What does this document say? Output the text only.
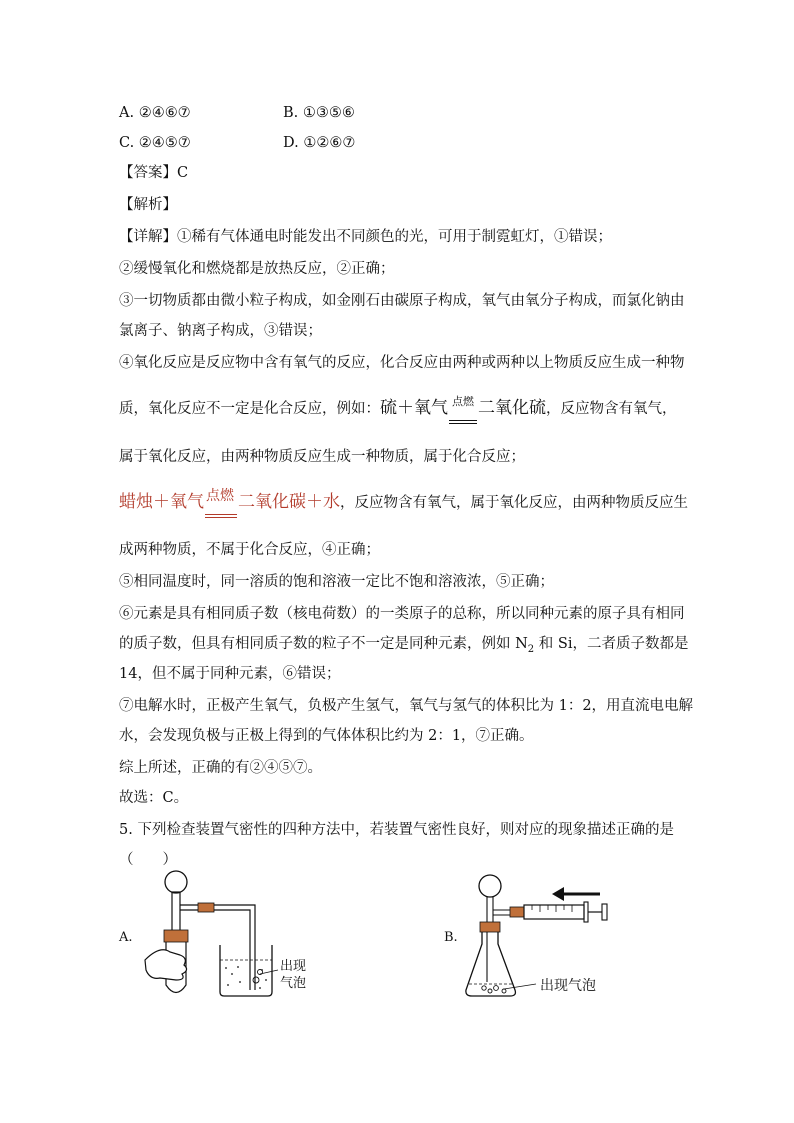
A. ②④⑥⑦	B. ①③⑤⑥
C. ②④⑤⑦	D. ①②⑥⑦
【答案】C
【解析】
【详解】①稀有气体通电时能发出不同颜色的光，可用于制霓虹灯，①错误；
②缓慢氧化和燃烧都是放热反应，②正确；
③一切物质都由微小粒子构成，如金刚石由碳原子构成，氧气由氧分子构成，而氯化钠由
氯离子、钠离子构成，③错误；
④氧化反应是反应物中含有氧气的反应，化合反应由两种或两种以上物质反应生成一种物
质，氧化反应不一定是化合反应，例如：硫＋氧气 点燃 二氧化硫，反应物含有氧气，
属于氧化反应，由两种物质反应生成一种物质，属于化合反应；
蜡烛＋氧气 点燃 二氧化碳＋水，反应物含有氧气，属于氧化反应，由两种物质反应生
成两种物质，不属于化合反应，④正确；
⑤相同温度时，同一溶质的饱和溶液一定比不饱和溶液浓，⑤正确；
⑥元素是具有相同质子数（核电荷数）的一类原子的总称，所以同种元素的原子具有相同
的质子数，但具有相同质子数的粒子不一定是同种元素，例如 $N_2$ 和 Si，二者质子数都是
14，但不属于同种元素，⑥错误；
⑦电解水时，正极产生氧气，负极产生氢气，氧气与氢气的体积比为 1：2，用直流电电解
水，会发现负极与正极上得到的气体体积比约为 2：1，⑦正确。
综上所述，正确的有②④⑤⑦。
故选：C。
5. 下列检查装置气密性的四种方法中，若装置气密性良好，则对应的现象描述正确的是
（　　）
A.
出现
气泡
B.
出现气泡
